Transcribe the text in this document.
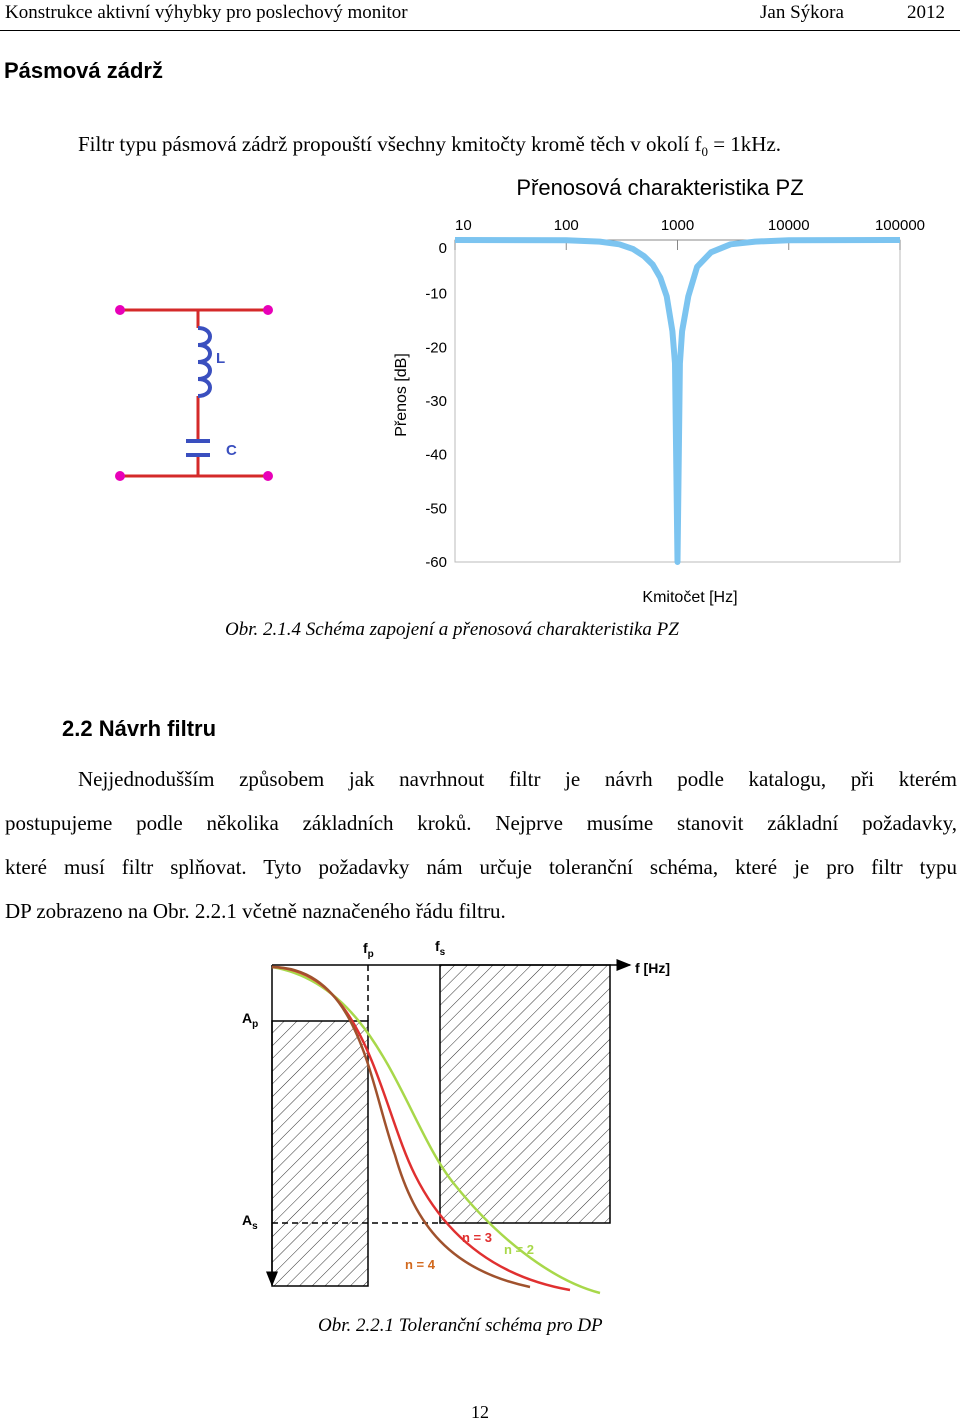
Konstrukce aktivní výhybky pro poslechový monitor	Jan Sýkora	2012
Pásmová zádrž
Filtr typu pásmová zádrž propouští všechny kmitočty kromě těch v okolí $f_0 = 1kHz$.
L
C
Přenosová charakteristika PZ
10	100	1000	10000	100000
0
-10
-20
-30
-40
-50
-60
Přenos [dB]
Kmitočet [Hz]
Obr. 2.1.4 Schéma zapojení a přenosová charakteristika PZ
2.2 Návrh filtru
Nejjednodušším způsobem jak navrhnout filtr je návrh podle katalogu, při kterém
postupujeme podle několika základních kroků. Nejprve musíme stanovit základní požadavky,
které musí filtr splňovat. Tyto požadavky nám určuje toleranční schéma, které je pro filtr typu
DP zobrazeno na Obr. 2.2.1 včetně naznačeného řádu filtru.
$f_p$
$f_s$
$A_p$
$A_s$
f [Hz]
n = 3
n = 2
n = 4
Obr. 2.2.1 Toleranční schéma pro DP
12
